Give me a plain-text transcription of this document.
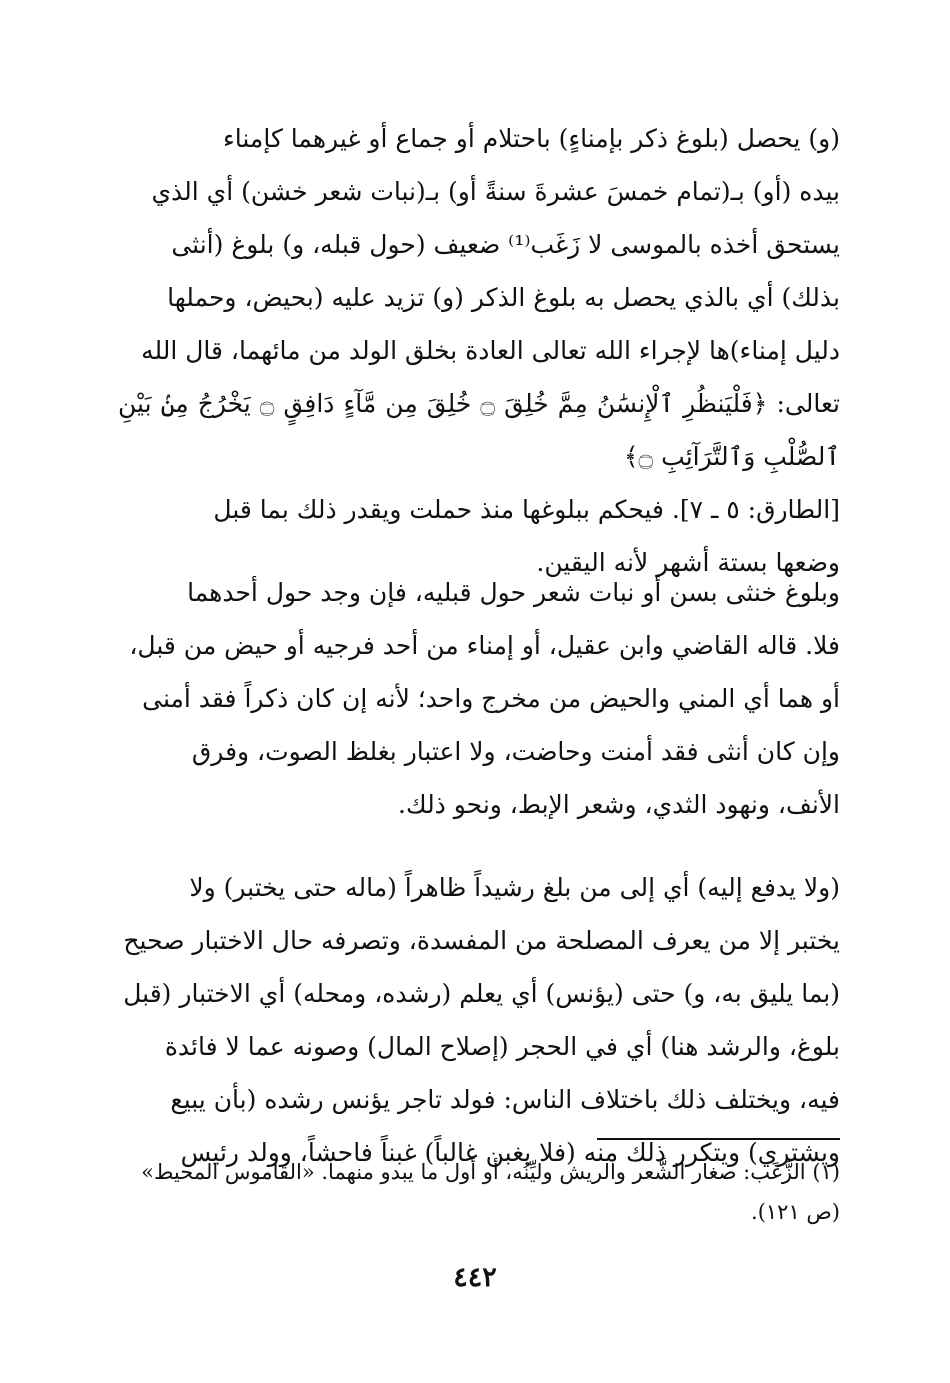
(و) يحصل (بلوغ ذكر بإمناءٍ) باحتلام أو جماع أو غيرهما كإمناء
بيده (أو) بـ(تمام خمسَ عشرةَ سنةً أو) بـ(نبات شعر خشن) أي الذي
يستحق أخذه بالموسى لا زَغَب⁽¹⁾ ضعيف (حول قبله، و) بلوغ (أنثى
بذلك) أي بالذي يحصل به بلوغ الذكر (و) تزيد عليه (بحيض، وحملها
دليل إمناء)ها لإجراء الله تعالى العادة بخلق الولد من مائهما، قال الله
تعالى: ﴿فَلْيَنظُرِ ٱلْإِنسَٰنُ مِمَّ خُلِقَ ۝ خُلِقَ مِن مَّآءٍ دَافِقٍ ۝ يَخْرُجُ مِنۢ بَيْنِ ٱلصُّلْبِ وَٱلتَّرَآئِبِ ۝﴾
[الطارق: ٥ ـ ٧]. فيحكم ببلوغها منذ حملت ويقدر ذلك بما قبل
وضعها بستة أشهر لأنه اليقين.

وبلوغ خنثى بسن أو نبات شعر حول قبليه، فإن وجد حول أحدهما
فلا. قاله القاضي وابن عقيل، أو إمناء من أحد فرجيه أو حيض من قبل،
أو هما أي المني والحيض من مخرج واحد؛ لأنه إن كان ذكراً فقد أمنى
وإن كان أنثى فقد أمنت وحاضت، ولا اعتبار بغلظ الصوت، وفرق
الأنف، ونهود الثدي، وشعر الإبط، ونحو ذلك.

(ولا يدفع إليه) أي إلى من بلغ رشيداً ظاهراً (ماله حتى يختبر) ولا
يختبر إلا من يعرف المصلحة من المفسدة، وتصرفه حال الاختبار صحيح
(بما يليق به، و) حتى (يؤنس) أي يعلم (رشده، ومحله) أي الاختبار (قبل
بلوغ، والرشد هنا) أي في الحجر (إصلاح المال) وصونه عما لا فائدة
فيه، ويختلف ذلك باختلاف الناس: فولد تاجر يؤنس رشده (بأن يبيع
ويشتري) ويتكرر ذلك منه (فلا يغبن غالباً) غبناً فاحشاً، وولد رئيس

(١) الزَّغَب: صغار الشَّعر والريش وليِّنُه، أو أول ما يبدو منهما. «القاموس المحيط»
(ص ١٢١).

٤٤٢
